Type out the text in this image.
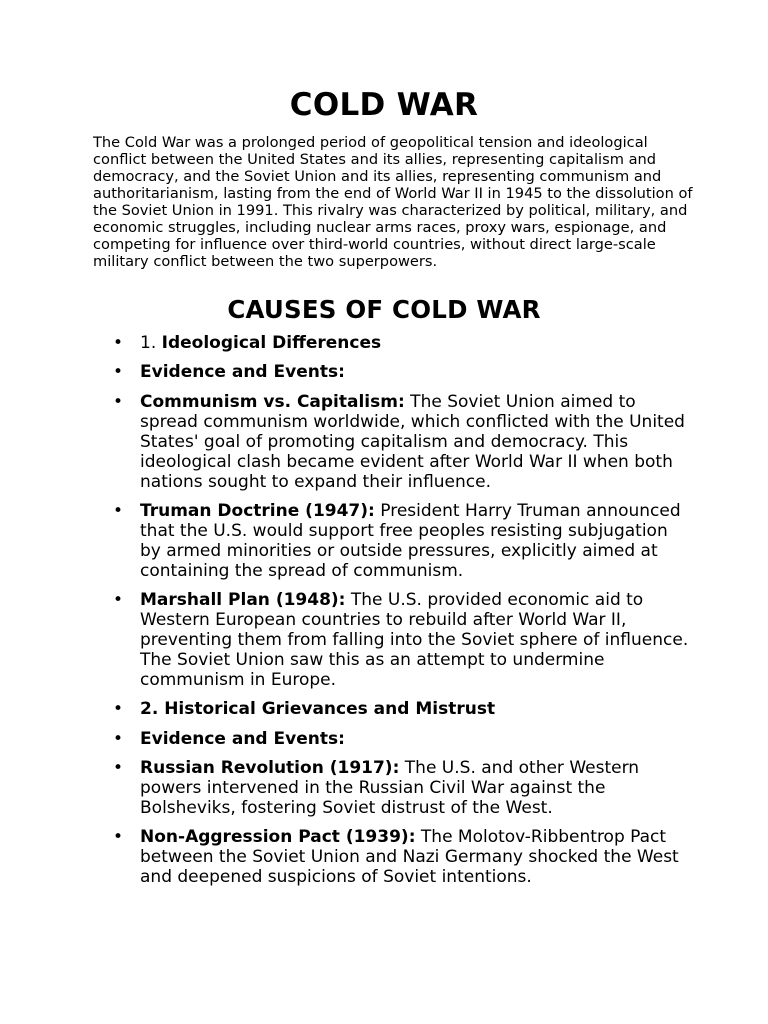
COLD WAR

The Cold War was a prolonged period of geopolitical tension and ideological conflict between the United States and its allies, representing capitalism and democracy, and the Soviet Union and its allies, representing communism and authoritarianism, lasting from the end of World War II in 1945 to the dissolution of the Soviet Union in 1991. This rivalry was characterized by political, military, and economic struggles, including nuclear arms races, proxy wars, espionage, and competing for influence over third-world countries, without direct large-scale military conflict between the two superpowers.

CAUSES OF COLD WAR
• 1. Ideological Differences
• Evidence and Events:
• Communism vs. Capitalism: The Soviet Union aimed to spread communism worldwide, which conflicted with the United States' goal of promoting capitalism and democracy. This ideological clash became evident after World War II when both nations sought to expand their influence.
• Truman Doctrine (1947): President Harry Truman announced that the U.S. would support free peoples resisting subjugation by armed minorities or outside pressures, explicitly aimed at containing the spread of communism.
• Marshall Plan (1948): The U.S. provided economic aid to Western European countries to rebuild after World War II, preventing them from falling into the Soviet sphere of influence. The Soviet Union saw this as an attempt to undermine communism in Europe.
• 2. Historical Grievances and Mistrust
• Evidence and Events:
• Russian Revolution (1917): The U.S. and other Western powers intervened in the Russian Civil War against the Bolsheviks, fostering Soviet distrust of the West.
• Non-Aggression Pact (1939): The Molotov-Ribbentrop Pact between the Soviet Union and Nazi Germany shocked the West and deepened suspicions of Soviet intentions.
